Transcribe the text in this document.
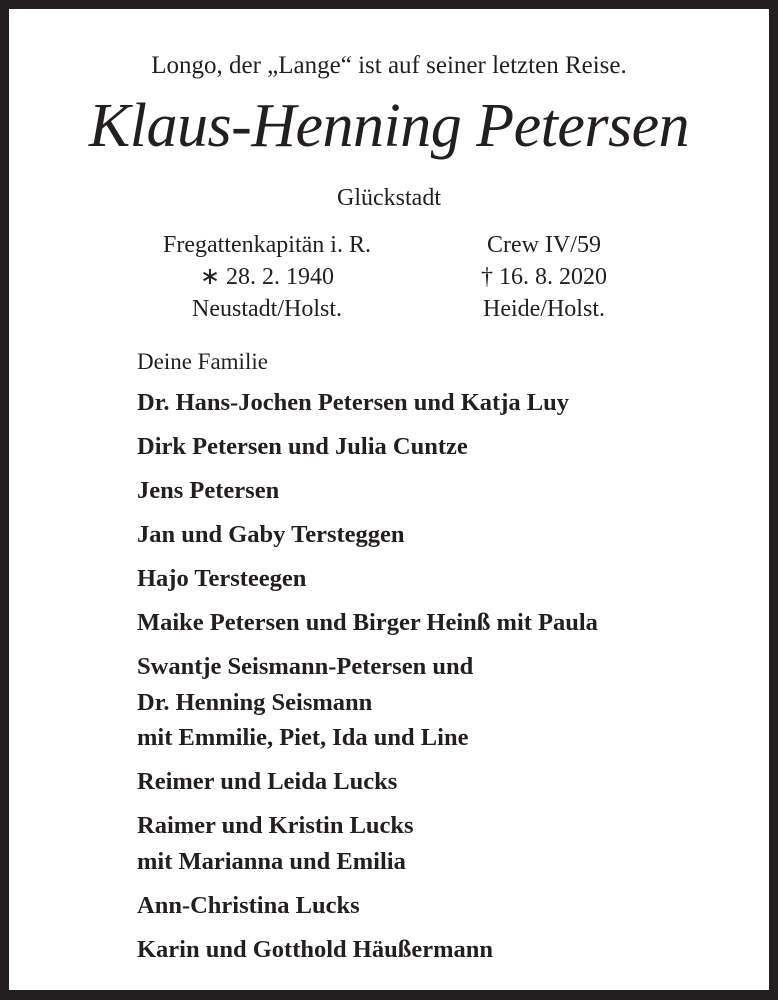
Longo, der „Lange“ ist auf seiner letzten Reise.
Klaus-Henning Petersen
Glückstadt
Fregattenkapitän i. R.
∗ 28. 2. 1940
Neustadt/Holst.
Crew IV/59
† 16. 8. 2020
Heide/Holst.
Deine Familie
Dr. Hans-Jochen Petersen und Katja Luy
Dirk Petersen und Julia Cuntze
Jens Petersen
Jan und Gaby Tersteggen
Hajo Tersteegen
Maike Petersen und Birger Heinß mit Paula
Swantje Seismann-Petersen und
Dr. Henning Seismann
mit Emmilie, Piet, Ida und Line
Reimer und Leida Lucks
Raimer und Kristin Lucks
mit Marianna und Emilia
Ann-Christina Lucks
Karin und Gotthold Häußermann
